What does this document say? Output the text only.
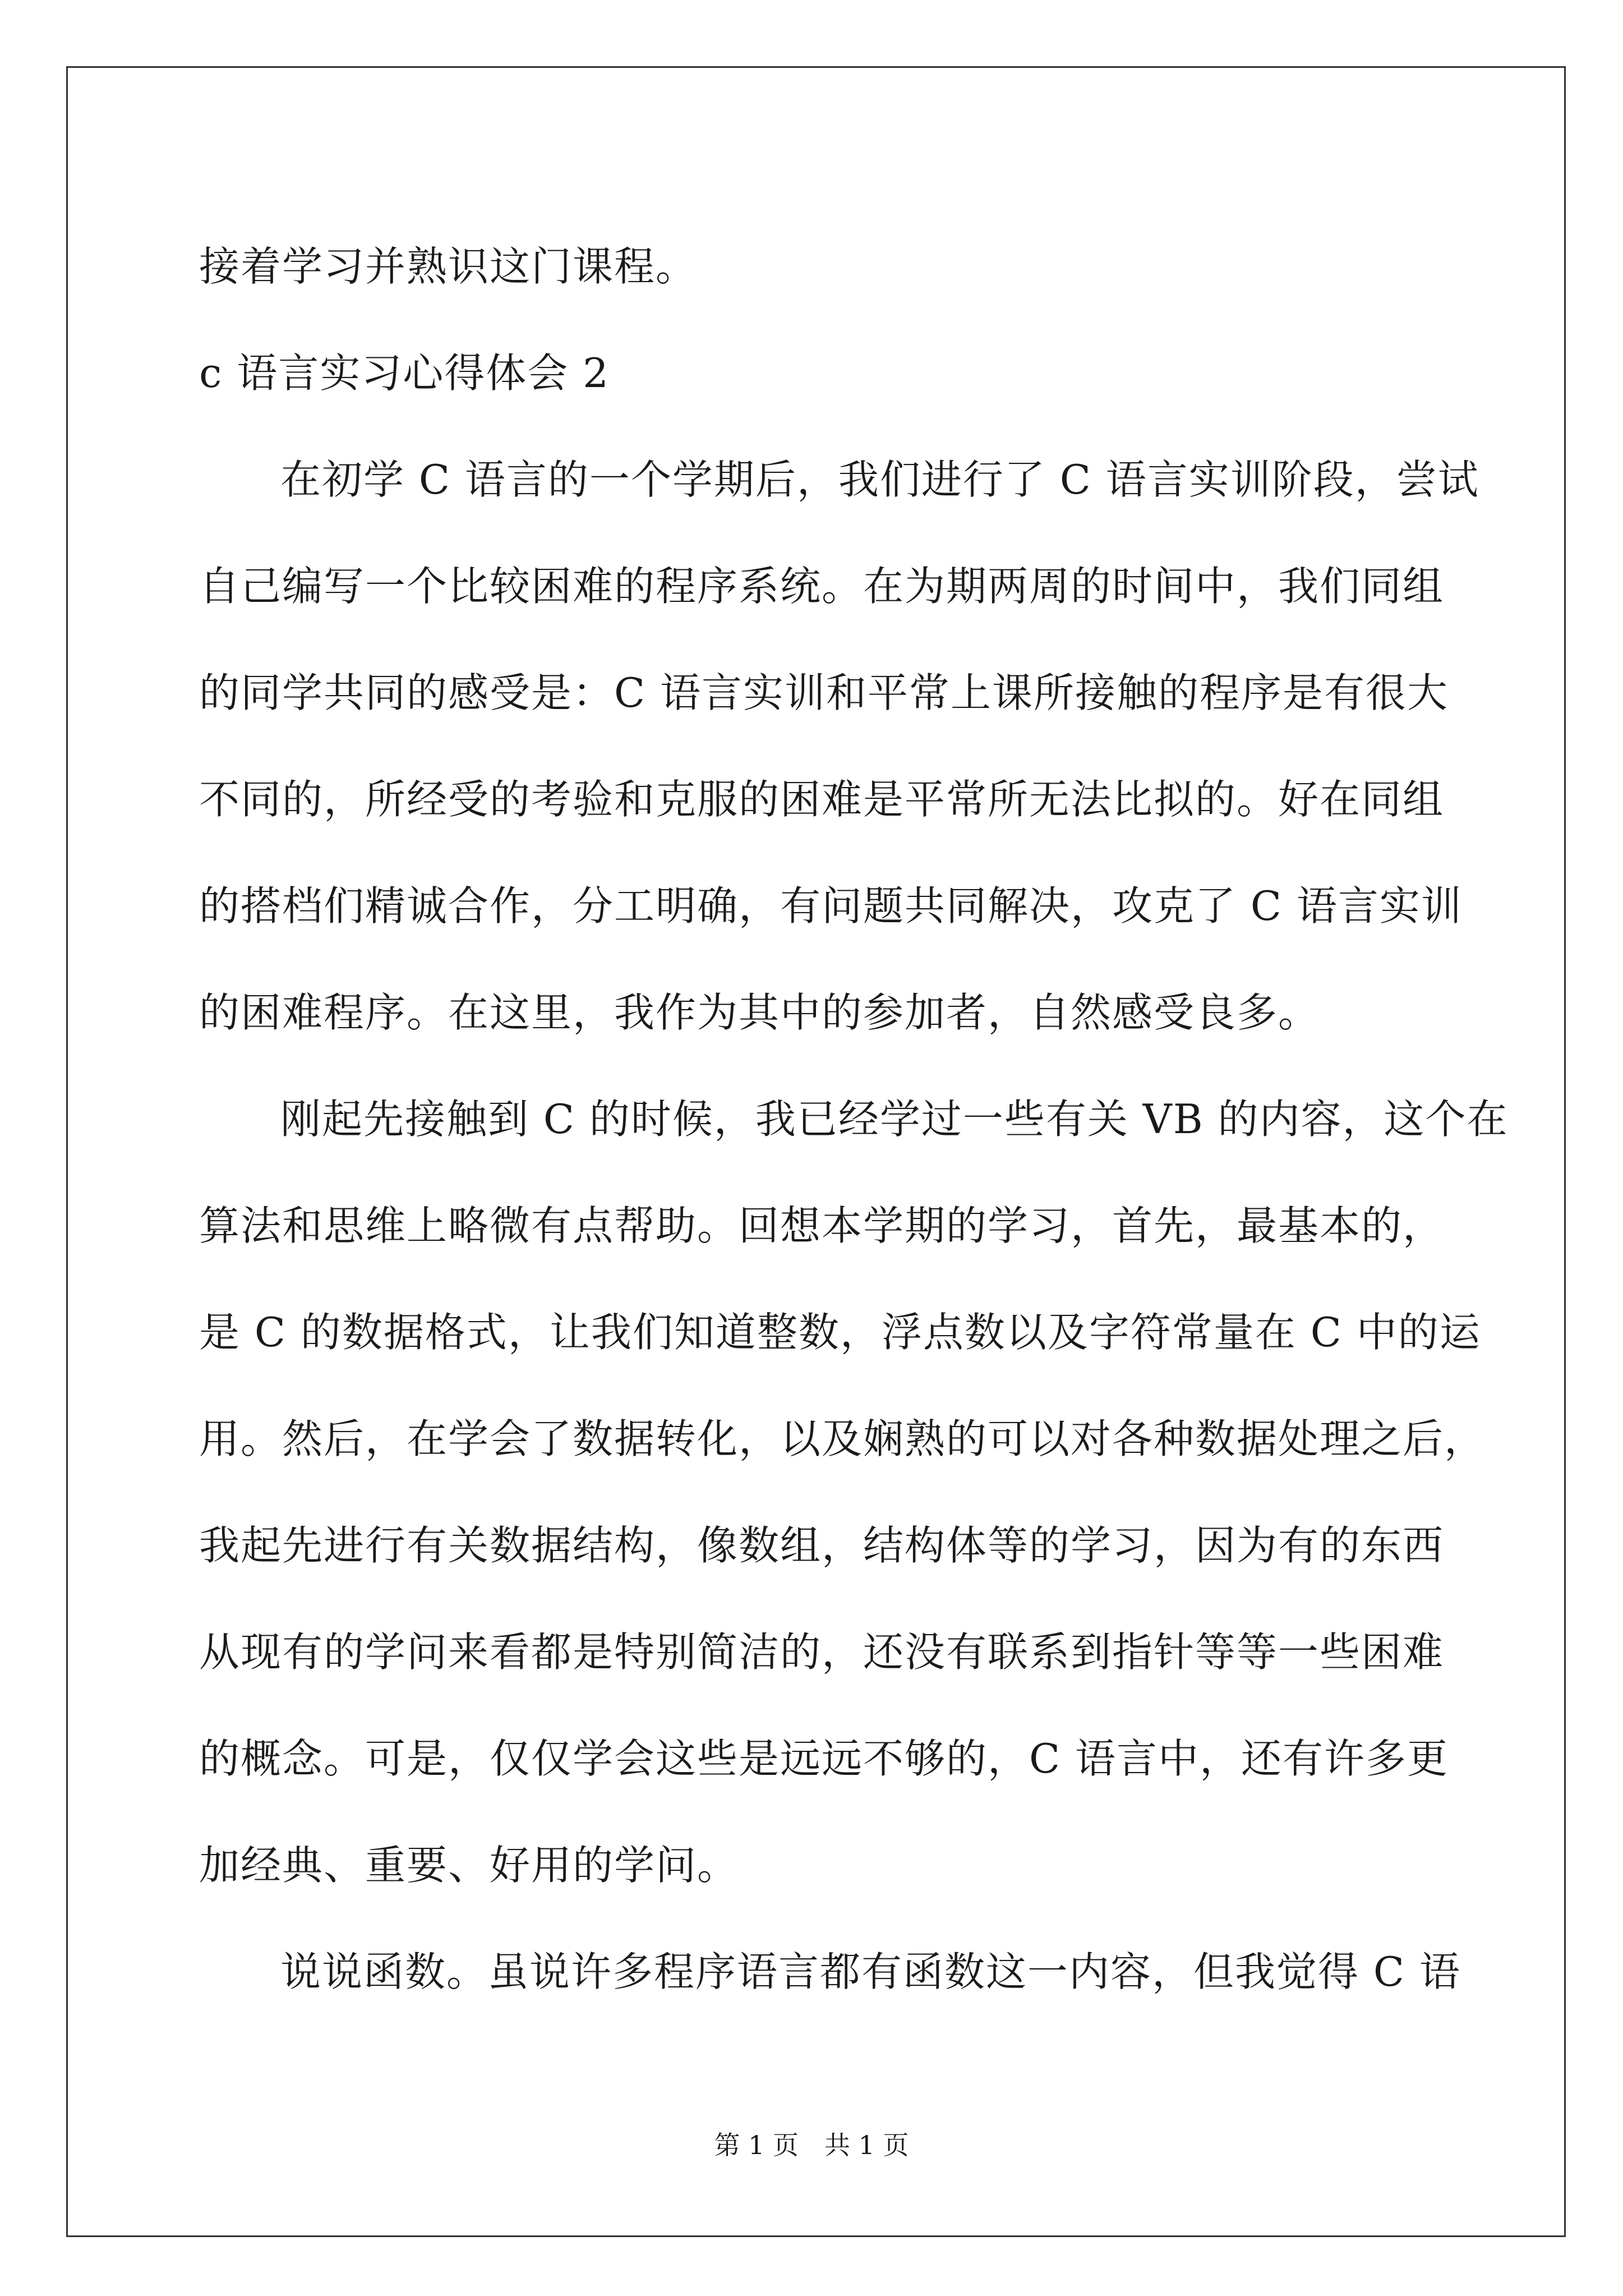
接着学习并熟识这门课程。
c 语言实习心得体会 2
在初学 C 语言的一个学期后，我们进行了 C 语言实训阶段，尝试
自己编写一个比较困难的程序系统。在为期两周的时间中，我们同组
的同学共同的感受是：C 语言实训和平常上课所接触的程序是有很大
不同的，所经受的考验和克服的困难是平常所无法比拟的。好在同组
的搭档们精诚合作，分工明确，有问题共同解决，攻克了 C 语言实训
的困难程序。在这里，我作为其中的参加者，自然感受良多。
刚起先接触到 C 的时候，我已经学过一些有关 VB 的内容，这个在
算法和思维上略微有点帮助。回想本学期的学习，首先，最基本的，
是 C 的数据格式，让我们知道整数，浮点数以及字符常量在 C 中的运
用。然后，在学会了数据转化，以及娴熟的可以对各种数据处理之后，
我起先进行有关数据结构，像数组，结构体等的学习，因为有的东西
从现有的学问来看都是特别简洁的，还没有联系到指针等等一些困难
的概念。可是，仅仅学会这些是远远不够的，C 语言中，还有许多更
加经典、重要、好用的学问。
说说函数。虽说许多程序语言都有函数这一内容，但我觉得 C 语
第 1 页　共 1 页
